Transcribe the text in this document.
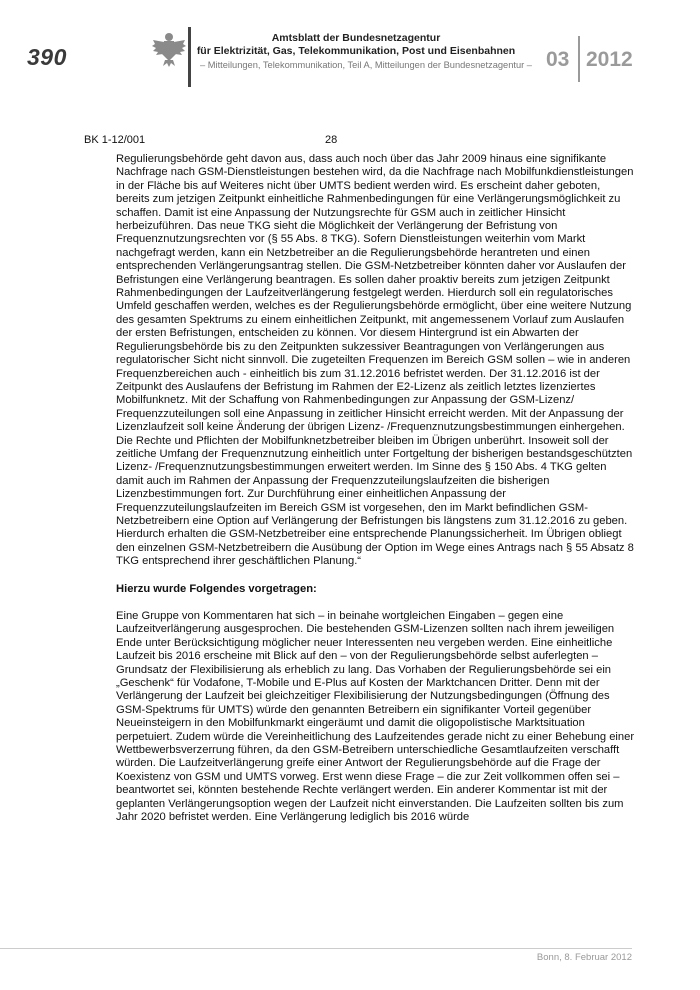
390
Amtsblatt der Bundesnetzagentur
für Elektrizität, Gas, Telekommunikation, Post und Eisenbahnen
– Mitteilungen, Telekommunikation, Teil A, Mitteilungen der Bundesnetzagentur – 03 2012
BK 1-12/001	28

Regulierungsbehörde geht davon aus, dass auch noch über das Jahr 2009 hinaus eine signifikante Nachfrage nach GSM-Dienstleistungen bestehen wird, da die Nachfrage nach Mobilfunkdienstleistungen in der Fläche bis auf Weiteres nicht über UMTS bedient werden wird. Es erscheint daher geboten, bereits zum jetzigen Zeitpunkt einheitliche Rahmenbedingungen für eine Verlängerungsmöglichkeit zu schaffen. Damit ist eine Anpassung der Nutzungsrechte für GSM auch in zeitlicher Hinsicht herbeizuführen. Das neue TKG sieht die Möglichkeit der Verlängerung der Befristung von Frequenznutzungsrechten vor (§ 55 Abs. 8 TKG). Sofern Dienstleistungen weiterhin vom Markt nachgefragt werden, kann ein Netzbetreiber an die Regulierungsbehörde herantreten und einen entsprechenden Verlängerungsantrag stellen. Die GSM-Netzbetreiber könnten daher vor Auslaufen der Befristungen eine Verlängerung beantragen. Es sollen daher proaktiv bereits zum jetzigen Zeitpunkt Rahmenbedingungen der Laufzeitverlängerung festgelegt werden. Hierdurch soll ein regulatorisches Umfeld geschaffen werden, welches es der Regulierungsbehörde ermöglicht, über eine weitere Nutzung des gesamten Spektrums zu einem einheitlichen Zeitpunkt, mit angemessenem Vorlauf zum Auslaufen der ersten Befristungen, entscheiden zu können. Vor diesem Hintergrund ist ein Abwarten der Regulierungsbehörde bis zu den Zeitpunkten sukzessiver Beantragungen von Verlängerungen aus regulatorischer Sicht nicht sinnvoll. Die zugeteilten Frequenzen im Bereich GSM sollen – wie in anderen Frequenzbereichen auch - einheitlich bis zum 31.12.2016 befristet werden. Der 31.12.2016 ist der Zeitpunkt des Auslaufens der Befristung im Rahmen der E2-Lizenz als zeitlich letztes lizenziertes Mobilfunknetz. Mit der Schaffung von Rahmenbedingungen zur Anpassung der GSM-Lizenz/ Frequenzzuteilungen soll eine Anpassung in zeitlicher Hinsicht erreicht werden. Mit der Anpassung der Lizenzlaufzeit soll keine Änderung der übrigen Lizenz- /Frequenznutzungsbestimmungen einhergehen. Die Rechte und Pflichten der Mobilfunknetzbetreiber bleiben im Übrigen unberührt. Insoweit soll der zeitliche Umfang der Frequenznutzung einheitlich unter Fortgeltung der bisherigen bestandsgeschützten Lizenz- /Frequenznutzungsbestimmungen erweitert werden. Im Sinne des § 150 Abs. 4 TKG gelten damit auch im Rahmen der Anpassung der Frequenzzuteilungslaufzeiten die bisherigen Lizenzbestimmungen fort. Zur Durchführung einer einheitlichen Anpassung der Frequenzzuteilungslaufzeiten im Bereich GSM ist vorgesehen, den im Markt befindlichen GSM-Netzbetreibern eine Option auf Verlängerung der Befristungen bis längstens zum 31.12.2016 zu geben. Hierdurch erhalten die GSM-Netzbetreiber eine entsprechende Planungssicherheit. Im Übrigen obliegt den einzelnen GSM-Netzbetreibern die Ausübung der Option im Wege eines Antrags nach § 55 Absatz 8 TKG entsprechend ihrer geschäftlichen Planung.“

Hierzu wurde Folgendes vorgetragen:

Eine Gruppe von Kommentaren hat sich – in beinahe wortgleichen Eingaben – gegen eine Laufzeitverlängerung ausgesprochen. Die bestehenden GSM-Lizenzen sollten nach ihrem jeweiligen Ende unter Berücksichtigung möglicher neuer Interessenten neu vergeben werden. Eine einheitliche Laufzeit bis 2016 erscheine mit Blick auf den – von der Regulierungsbehörde selbst auferlegten – Grundsatz der Flexibilisierung als erheblich zu lang. Das Vorhaben der Regulierungsbehörde sei ein „Geschenk“ für Vodafone, T-Mobile und E-Plus auf Kosten der Marktchancen Dritter. Denn mit der Verlängerung der Laufzeit bei gleichzeitiger Flexibilisierung der Nutzungsbedingungen (Öffnung des GSM-Spektrums für UMTS) würde den genannten Betreibern ein signifikanter Vorteil gegenüber Neueinsteigern in den Mobilfunkmarkt eingeräumt und damit die oligopolistische Marktsituation perpetuiert. Zudem würde die Vereinheitlichung des Laufzeitendes gerade nicht zu einer Behebung einer Wettbewerbsverzerrung führen, da den GSM-Betreibern unterschiedliche Gesamtlaufzeiten verschafft würden. Die Laufzeitverlängerung greife einer Antwort der Regulierungsbehörde auf die Frage der Koexistenz von GSM und UMTS vorweg. Erst wenn diese Frage – die zur Zeit vollkommen offen sei – beantwortet sei, könnten bestehende Rechte verlängert werden. Ein anderer Kommentar ist mit der geplanten Verlängerungsoption wegen der Laufzeit nicht einverstanden. Die Laufzeiten sollten bis zum Jahr 2020 befristet werden. Eine Verlängerung lediglich bis 2016 würde

Bonn, 8. Februar 2012
